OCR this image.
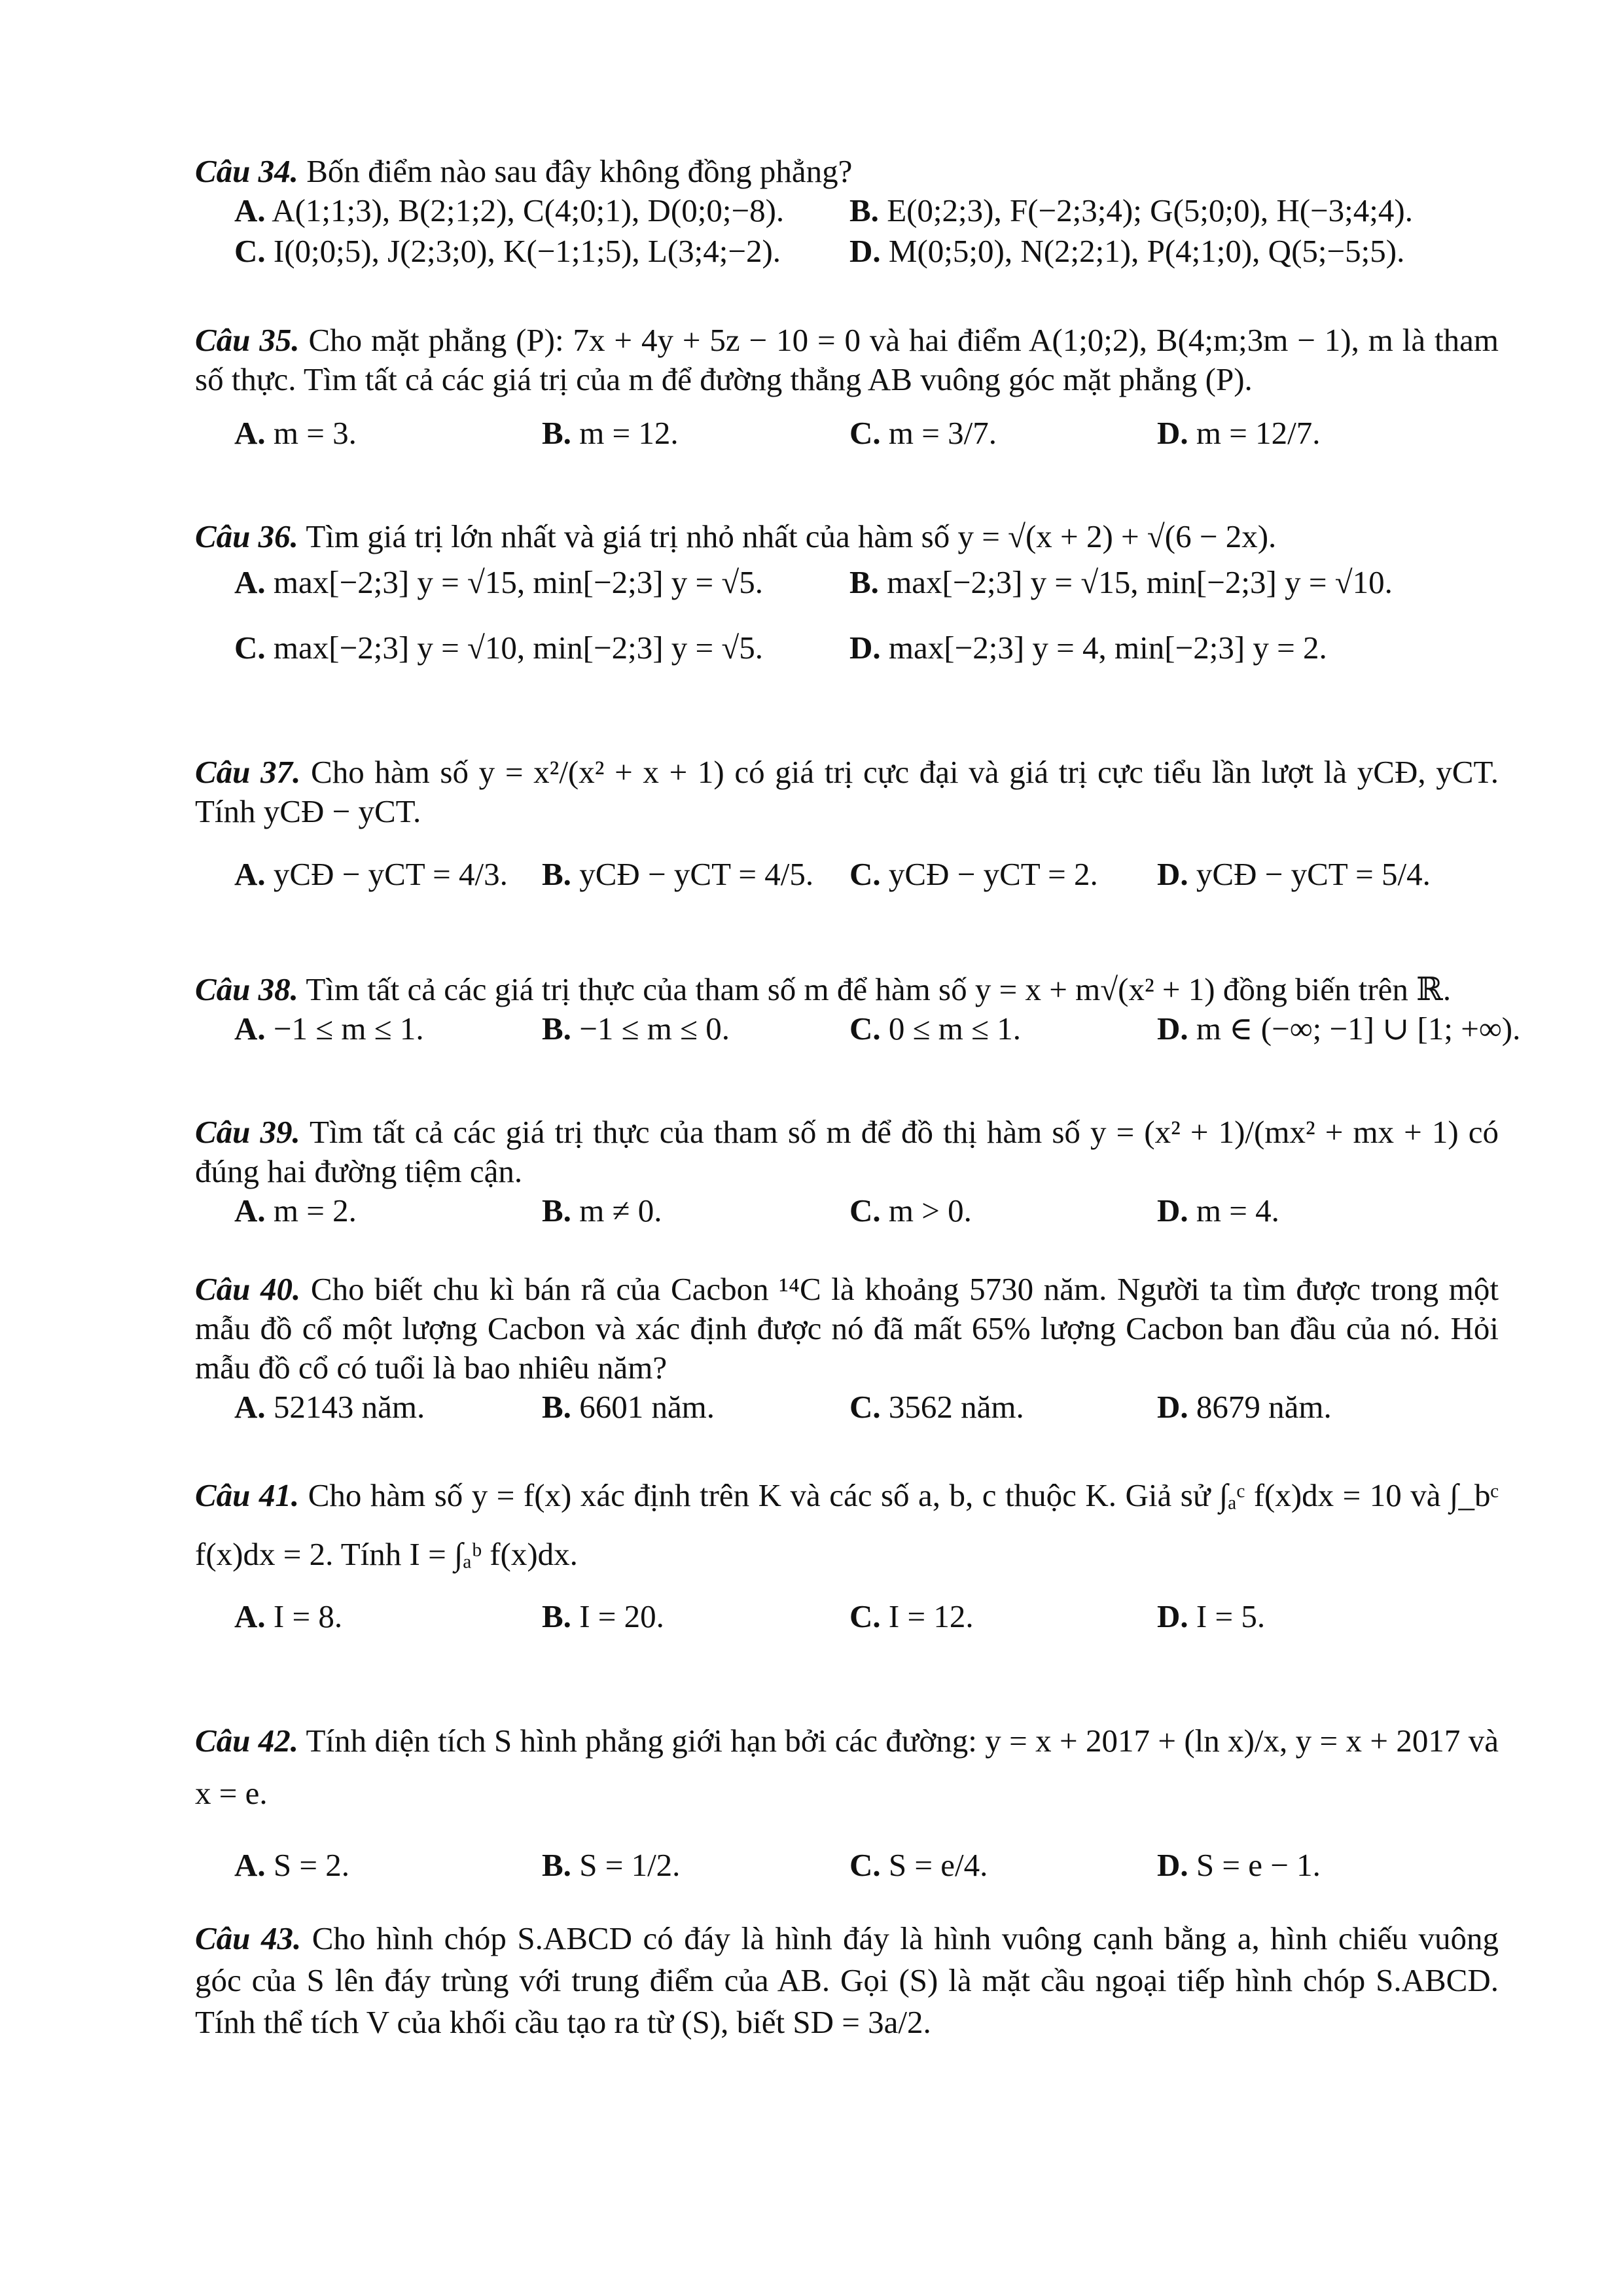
Câu 34. Bốn điểm nào sau đây không đồng phẳng?
A. A(1;1;3), B(2;1;2), C(4;0;1), D(0;0;−8). B. E(0;2;3), F(−2;3;4); G(5;0;0), H(−3;4;4).
C. I(0;0;5), J(2;3;0), K(−1;1;5), L(3;4;−2). D. M(0;5;0), N(2;2;1), P(4;1;0), Q(5;−5;5).
Câu 35. Cho mặt phẳng (P): 7x + 4y + 5z − 10 = 0 và hai điểm A(1;0;2), B(4;m;3m − 1), m là tham số thực. Tìm tất cả các giá trị của m để đường thẳng AB vuông góc mặt phẳng (P).
A. m = 3.	B. m = 12.	C. m = 3/7.	D. m = 12/7.
Câu 36. Tìm giá trị lớn nhất và giá trị nhỏ nhất của hàm số y = √(x + 2) + √(6 − 2x).
A. max[−2;3] y = √15, min[−2;3] y = √5.	B. max[−2;3] y = √15, min[−2;3] y = √10.
C. max[−2;3] y = √10, min[−2;3] y = √5.	D. max[−2;3] y = 4, min[−2;3] y = 2.
Câu 37. Cho hàm số y = x²/(x² + x + 1) có giá trị cực đại và giá trị cực tiểu lần lượt là yCĐ, yCT. Tính yCĐ − yCT.
A. yCĐ − yCT = 4/3. B. yCĐ − yCT = 4/5. C. yCĐ − yCT = 2. D. yCĐ − yCT = 5/4.
Câu 38. Tìm tất cả các giá trị thực của tham số m để hàm số y = x + m√(x² + 1) đồng biến trên ℝ.
A. −1 ≤ m ≤ 1.	B. −1 ≤ m ≤ 0.	C. 0 ≤ m ≤ 1.	D. m ∈ (−∞; −1] ∪ [1; +∞).
Câu 39. Tìm tất cả các giá trị thực của tham số m để đồ thị hàm số y = (x² + 1)/(mx² + mx + 1) có đúng hai đường tiệm cận.
A. m = 2.	B. m ≠ 0.	C. m > 0.	D. m = 4.
Câu 40. Cho biết chu kì bán rã của Cacbon ¹⁴C là khoảng 5730 năm. Người ta tìm được trong một mẫu đồ cổ một lượng Cacbon và xác định được nó đã mất 65% lượng Cacbon ban đầu của nó. Hỏi mẫu đồ cổ có tuổi là bao nhiêu năm?
A. 52143 năm.	B. 6601 năm.	C. 3562 năm.	D. 8679 năm.
Câu 41. Cho hàm số y = f(x) xác định trên K và các số a, b, c thuộc K. Giả sử ∫ₐᶜ f(x)dx = 10 và ∫_bᶜ f(x)dx = 2. Tính I = ∫ₐᵇ f(x)dx.
A. I = 8.	B. I = 20.	C. I = 12.	D. I = 5.
Câu 42. Tính diện tích S hình phẳng giới hạn bởi các đường: y = x + 2017 + (ln x)/x, y = x + 2017 và x = e.
A. S = 2.	B. S = 1/2.	C. S = e/4.	D. S = e − 1.
Câu 43. Cho hình chóp S.ABCD có đáy là hình đáy là hình vuông cạnh bằng a, hình chiếu vuông góc của S lên đáy trùng với trung điểm của AB. Gọi (S) là mặt cầu ngoại tiếp hình chóp S.ABCD. Tính thể tích V của khối cầu tạo ra từ (S), biết SD = 3a/2.
